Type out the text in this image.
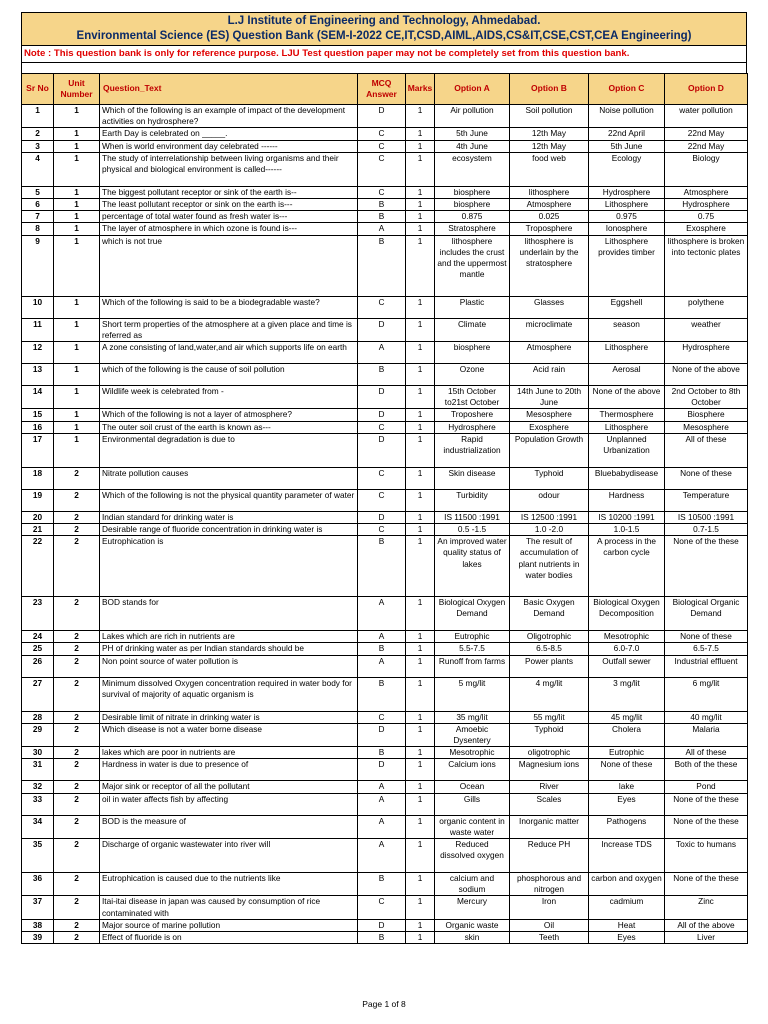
L.J Institute of Engineering and Technology, Ahmedabad.
Environmental Science (ES) Question Bank (SEM-I-2022 CE,IT,CSD,AIML,AIDS,CS&IT,CSE,CST,CEA Engineering)
Note : This question bank is only for reference purpose. LJU Test question paper may not be completely set from this question bank.
Sr No	Unit Number	Question_Text	MCQ Answer	Marks	Option A	Option B	Option C	Option D
1	1	Which of the following is an example of impact of the development activities on hydrosphere?	D	1	Air pollution	Soil pollution	Noise pollution	water pollution
2	1	Earth Day is celebrated on _____.	C	1	5th June	12th May	22nd April	22nd May
3	1	When is world environment day celebrated ------	C	1	4th June	12th May	5th June	22nd May
4	1	The study of interrelationship between living organisms and their physical and biological environment is called------	C	1	ecosystem	food web	Ecology	Biology
5	1	The biggest pollutant receptor or sink of the earth is--	C	1	biosphere	lithosphere	Hydrosphere	Atmosphere
6	1	The least pollutant receptor or sink on the earth is---	B	1	biosphere	Atmosphere	Lithosphere	Hydrosphere
7	1	percentage of total water found as fresh water is---	B	1	0.875	0.025	0.975	0.75
8	1	The layer of atmosphere in which ozone is found is---	A	1	Stratosphere	Troposphere	Ionosphere	Exosphere
9	1	which is not true	B	1	lithosphere includes the crust and the uppermost mantle	lithosphere is underlain by the stratosphere	Lithosphere provides timber	lithosphere is broken into tectonic plates
10	1	Which of the following is said to be a biodegradable waste?	C	1	Plastic	Glasses	Eggshell	polythene
11	1	Short term properties of the atmosphere at a given place and time is referred as	D	1	Climate	microclimate	season	weather
12	1	A zone consisting of land,water,and air which supports life on earth	A	1	biosphere	Atmosphere	Lithosphere	Hydrosphere
13	1	which of the following is the cause of soil pollution	B	1	Ozone	Acid rain	Aerosal	None of the above
14	1	Wildlife week is celebrated from -	D	1	15th October to21st October	14th June to 20th June	None of the above	2nd October to 8th October
15	1	Which of the following is not a layer of atmosphere?	D	1	Troposhere	Mesosphere	Thermosphere	Biosphere
16	1	The outer soil crust of the earth is known as---	C	1	Hydrosphere	Exosphere	Lithosphere	Mesosphere
17	1	Environmental degradation is due to	D	1	Rapid industrialization	Population Growth	Unplanned Urbanization	All of these
18	2	Nitrate pollution causes	C	1	Skin disease	Typhoid	Bluebabydisease	None of these
19	2	Which of the following is not the physical quantity parameter of water	C	1	Turbidity	odour	Hardness	Temperature
20	2	Indian standard for drinking water is	D	1	IS 11500 :1991	IS 12500 :1991	IS 10200 :1991	IS 10500 :1991
21	2	Desirable range of fluoride concentration in drinking water is	C	1	0.5 -1.5	1.0 -2.0	1.0-1.5	0.7-1.5
22	2	Eutrophication is	B	1	An improved water quality status of lakes	The result of accumulation of plant nutrients in water bodies	A process in the carbon cycle	None of the these
23	2	BOD stands for	A	1	Biological Oxygen Demand	Basic Oxygen Demand	Biological Oxygen Decomposition	Biological Organic Demand
24	2	Lakes which are rich in nutrients are	A	1	Eutrophic	Oligotrophic	Mesotrophic	None of these
25	2	PH of drinking water as per Indian standards should be	B	1	5.5-7.5	6.5-8.5	6.0-7.0	6.5-7.5
26	2	Non point source of water pollution is	A	1	Runoff from farms	Power plants	Outfall sewer	Industrial effluent
27	2	Minimum dissolved Oxygen concentration required in water body for survival of majority of aquatic organism is	B	1	5 mg/lit	4 mg/lit	3 mg/lit	6 mg/lit
28	2	Desirable limit of nitrate in drinking water is	C	1	35 mg/lit	55 mg/lit	45 mg/lit	40 mg/lit
29	2	Which disease is not a water borne disease	D	1	Amoebic Dysentery	Typhoid	Cholera	Malaria
30	2	lakes which are poor in nutrients are	B	1	Mesotrophic	oligotrophic	Eutrophic	All of these
31	2	Hardness in water is due to presence of	D	1	Calcium ions	Magnesium ions	None of these	Both of the these
32	2	Major sink or receptor of all the pollutant	A	1	Ocean	River	lake	Pond
33	2	oil in water affects fish by affecting	A	1	Gills	Scales	Eyes	None of the these
34	2	BOD is the measure of	A	1	organic content in waste water	Inorganic matter	Pathogens	None of the these
35	2	Discharge of organic wastewater into river will	A	1	Reduced dissolved oxygen	Reduce PH	Increase TDS	Toxic to humans
36	2	Eutrophication is caused due to the nutrients like	B	1	calcium and sodium	phosphorous and nitrogen	carbon and oxygen	None of the these
37	2	Itai-itai disease in japan was caused by consumption of rice contaminated with	C	1	Mercury	Iron	cadmium	Zinc
38	2	Major source of marine pollution	D	1	Organic waste	Oil	Heat	All of the above
39	2	Effect of fluoride is on	B	1	skin	Teeth	Eyes	Liver
Page 1 of 8
